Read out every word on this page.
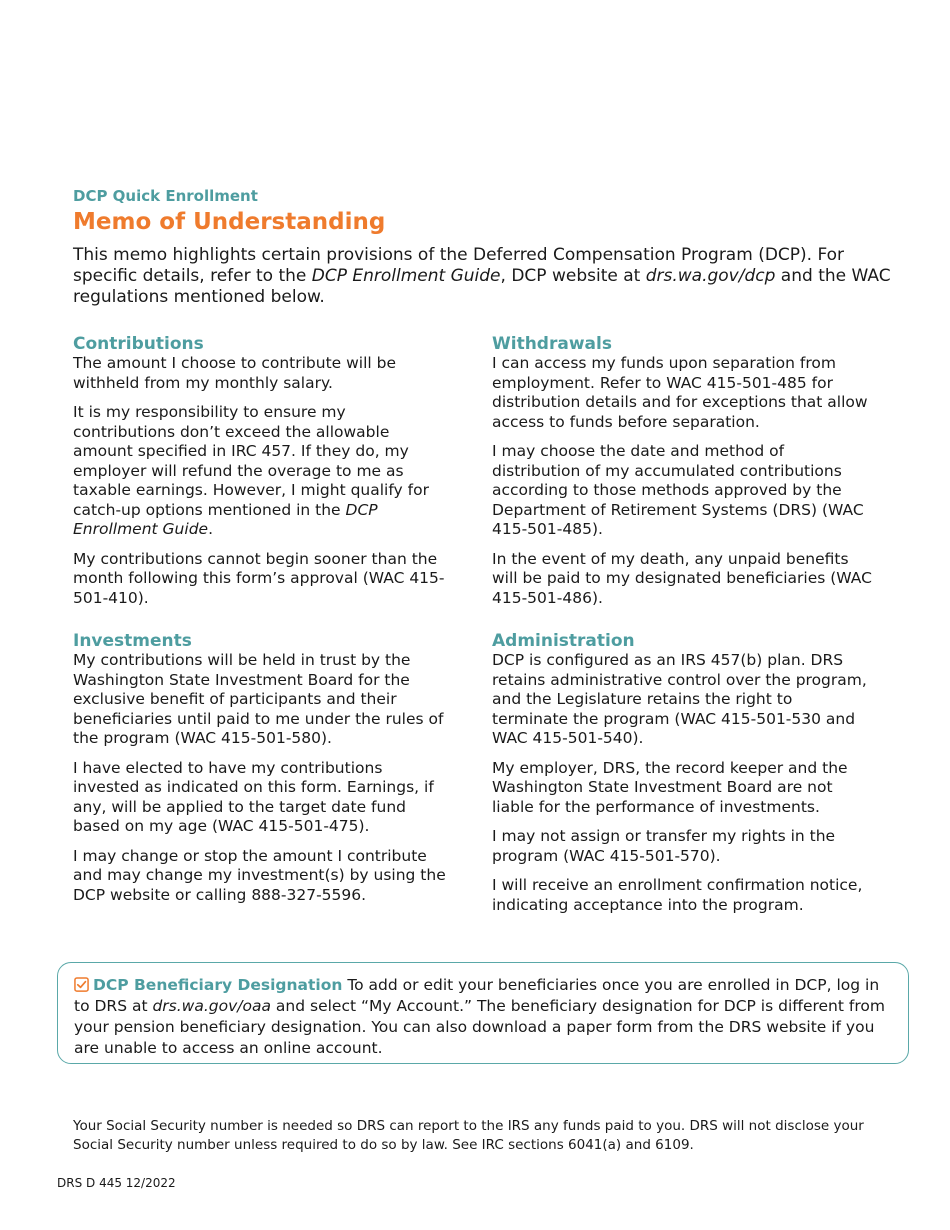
DCP Quick Enrollment
Memo of Understanding
This memo highlights certain provisions of the Deferred Compensation Program (DCP). For specific details, refer to the DCP Enrollment Guide, DCP website at drs.wa.gov/dcp and the WAC regulations mentioned below.
Contributions

The amount I choose to contribute will be withheld from my monthly salary.

It is my responsibility to ensure my contributions don’t exceed the allowable amount specified in IRC 457. If they do, my employer will refund the overage to me as taxable earnings. However, I might qualify for catch-up options mentioned in the DCP Enrollment Guide.

My contributions cannot begin sooner than the month following this form’s approval (WAC 415-501-410).

Investments

My contributions will be held in trust by the Washington State Investment Board for the exclusive benefit of participants and their beneficiaries until paid to me under the rules of the program (WAC 415-501-580).

I have elected to have my contributions invested as indicated on this form. Earnings, if any, will be applied to the target date fund based on my age (WAC 415-501-475).

I may change or stop the amount I contribute and may change my investment(s) by using the DCP website or calling 888-327-5596.

Withdrawals

I can access my funds upon separation from employment. Refer to WAC 415-501-485 for distribution details and for exceptions that allow access to funds before separation.

I may choose the date and method of distribution of my accumulated contributions according to those methods approved by the Department of Retirement Systems (DRS) (WAC 415-501-485).

In the event of my death, any unpaid benefits will be paid to my designated beneficiaries (WAC 415-501-486).

Administration

DCP is configured as an IRS 457(b) plan. DRS retains administrative control over the program, and the Legislature retains the right to terminate the program (WAC 415-501-530 and WAC 415-501-540).

My employer, DRS, the record keeper and the Washington State Investment Board are not liable for the performance of investments.

I may not assign or transfer my rights in the program (WAC 415-501-570).

I will receive an enrollment confirmation notice, indicating acceptance into the program.

DCP Beneficiary Designation To add or edit your beneficiaries once you are enrolled in DCP, log in to DRS at drs.wa.gov/oaa and select “My Account.” The beneficiary designation for DCP is different from your pension beneficiary designation. You can also download a paper form from the DRS website if you are unable to access an online account.
Your Social Security number is needed so DRS can report to the IRS any funds paid to you. DRS will not disclose your Social Security number unless required to do so by law. See IRC sections 6041(a) and 6109.
DRS D 445 12/2022
